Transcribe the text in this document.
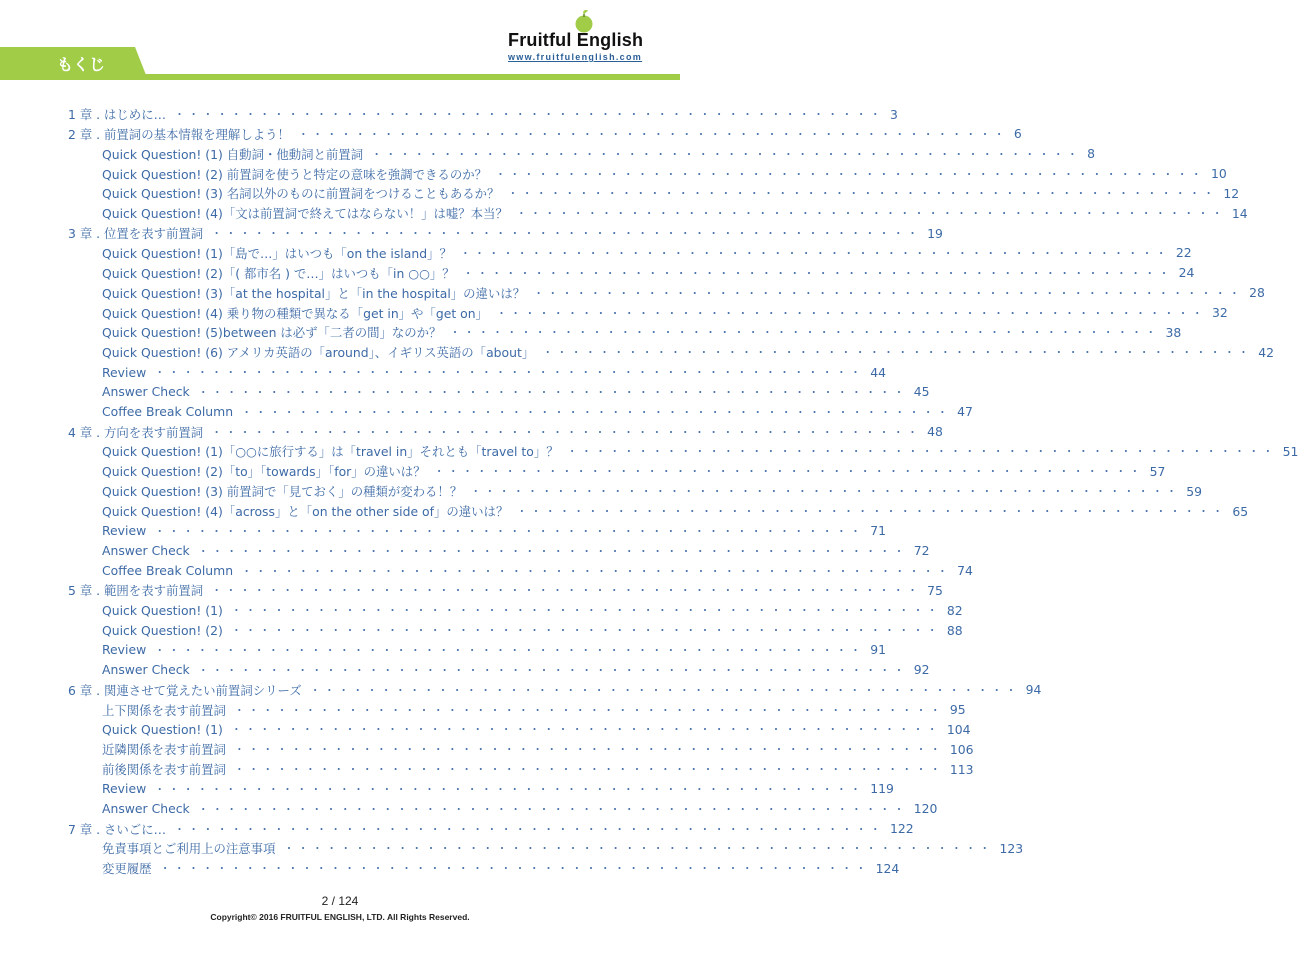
もくじ
Fruitful English
www.fruitfulenglish.com
1 章 . はじめに… ・・・・・・・・・・・・・・・・・・・・・・・・・・・・・・・・・・・・・・・・・・・・・・・・・・ 3
2 章 . 前置詞の基本情報を理解しよう！ ・・・・・・・・・・・・・・・・・・・・・・・・・・・・・・・・・・・・・・・・・・・・・・・・・・ 6
Quick Question! (1) 自動詞・他動詞と前置詞 ・・・・・・・・・・・・・・・・・・・・・・・・・・・・・・・・・・・・・・・・・・・・・・・・・・ 8
Quick Question! (2) 前置詞を使うと特定の意味を強調できるのか？ ・・・・・・・・・・・・・・・・・・・・・・・・・・・・・・・・・・・・・・・・・・・・・・・・・・ 10
Quick Question! (3) 名詞以外のものに前置詞をつけることもあるか？ ・・・・・・・・・・・・・・・・・・・・・・・・・・・・・・・・・・・・・・・・・・・・・・・・・・ 12
Quick Question! (4)「文は前置詞で終えてはならない！」は嘘？本当？ ・・・・・・・・・・・・・・・・・・・・・・・・・・・・・・・・・・・・・・・・・・・・・・・・・・ 14
3 章 . 位置を表す前置詞 ・・・・・・・・・・・・・・・・・・・・・・・・・・・・・・・・・・・・・・・・・・・・・・・・・・ 19
Quick Question! (1)「島で…」はいつも「on the island」？ ・・・・・・・・・・・・・・・・・・・・・・・・・・・・・・・・・・・・・・・・・・・・・・・・・・ 22
Quick Question! (2)「( 都市名 ) で…」はいつも「in ○○」？ ・・・・・・・・・・・・・・・・・・・・・・・・・・・・・・・・・・・・・・・・・・・・・・・・・・ 24
Quick Question! (3)「at the hospital」と「in the hospital」の違いは？ ・・・・・・・・・・・・・・・・・・・・・・・・・・・・・・・・・・・・・・・・・・・・・・・・・・ 28
Quick Question! (4) 乗り物の種類で異なる「get in」や「get on」 ・・・・・・・・・・・・・・・・・・・・・・・・・・・・・・・・・・・・・・・・・・・・・・・・・・ 32
Quick Question! (5)between は必ず「二者の間」なのか？ ・・・・・・・・・・・・・・・・・・・・・・・・・・・・・・・・・・・・・・・・・・・・・・・・・・ 38
Quick Question! (6) アメリカ英語の「around」、イギリス英語の「about」 ・・・・・・・・・・・・・・・・・・・・・・・・・・・・・・・・・・・・・・・・・・・・・・・・・・ 42
Review ・・・・・・・・・・・・・・・・・・・・・・・・・・・・・・・・・・・・・・・・・・・・・・・・・・ 44
Answer Check ・・・・・・・・・・・・・・・・・・・・・・・・・・・・・・・・・・・・・・・・・・・・・・・・・・ 45
Coffee Break Column ・・・・・・・・・・・・・・・・・・・・・・・・・・・・・・・・・・・・・・・・・・・・・・・・・・ 47
4 章 . 方向を表す前置詞 ・・・・・・・・・・・・・・・・・・・・・・・・・・・・・・・・・・・・・・・・・・・・・・・・・・ 48
Quick Question! (1)「○○に旅行する」は「travel in」それとも「travel to」？ ・・・・・・・・・・・・・・・・・・・・・・・・・・・・・・・・・・・・・・・・・・・・・・・・・・ 51
Quick Question! (2)「to」「towards」「for」の違いは？ ・・・・・・・・・・・・・・・・・・・・・・・・・・・・・・・・・・・・・・・・・・・・・・・・・・ 57
Quick Question! (3) 前置詞で「見ておく」の種類が変わる！？ ・・・・・・・・・・・・・・・・・・・・・・・・・・・・・・・・・・・・・・・・・・・・・・・・・・ 59
Quick Question! (4)「across」と「on the other side of」の違いは？ ・・・・・・・・・・・・・・・・・・・・・・・・・・・・・・・・・・・・・・・・・・・・・・・・・・ 65
Review ・・・・・・・・・・・・・・・・・・・・・・・・・・・・・・・・・・・・・・・・・・・・・・・・・・ 71
Answer Check ・・・・・・・・・・・・・・・・・・・・・・・・・・・・・・・・・・・・・・・・・・・・・・・・・・ 72
Coffee Break Column ・・・・・・・・・・・・・・・・・・・・・・・・・・・・・・・・・・・・・・・・・・・・・・・・・・ 74
5 章 . 範囲を表す前置詞 ・・・・・・・・・・・・・・・・・・・・・・・・・・・・・・・・・・・・・・・・・・・・・・・・・・ 75
Quick Question! (1) ・・・・・・・・・・・・・・・・・・・・・・・・・・・・・・・・・・・・・・・・・・・・・・・・・・ 82
Quick Question! (2) ・・・・・・・・・・・・・・・・・・・・・・・・・・・・・・・・・・・・・・・・・・・・・・・・・・ 88
Review ・・・・・・・・・・・・・・・・・・・・・・・・・・・・・・・・・・・・・・・・・・・・・・・・・・ 91
Answer Check ・・・・・・・・・・・・・・・・・・・・・・・・・・・・・・・・・・・・・・・・・・・・・・・・・・ 92
6 章 . 関連させて覚えたい前置詞シリーズ ・・・・・・・・・・・・・・・・・・・・・・・・・・・・・・・・・・・・・・・・・・・・・・・・・・ 94
上下関係を表す前置詞 ・・・・・・・・・・・・・・・・・・・・・・・・・・・・・・・・・・・・・・・・・・・・・・・・・・ 95
Quick Question! (1) ・・・・・・・・・・・・・・・・・・・・・・・・・・・・・・・・・・・・・・・・・・・・・・・・・・ 104
近隣関係を表す前置詞 ・・・・・・・・・・・・・・・・・・・・・・・・・・・・・・・・・・・・・・・・・・・・・・・・・・ 106
前後関係を表す前置詞 ・・・・・・・・・・・・・・・・・・・・・・・・・・・・・・・・・・・・・・・・・・・・・・・・・・ 113
Review ・・・・・・・・・・・・・・・・・・・・・・・・・・・・・・・・・・・・・・・・・・・・・・・・・・ 119
Answer Check ・・・・・・・・・・・・・・・・・・・・・・・・・・・・・・・・・・・・・・・・・・・・・・・・・・ 120
7 章 . さいごに… ・・・・・・・・・・・・・・・・・・・・・・・・・・・・・・・・・・・・・・・・・・・・・・・・・・ 122
免責事項とご利用上の注意事項 ・・・・・・・・・・・・・・・・・・・・・・・・・・・・・・・・・・・・・・・・・・・・・・・・・・ 123
変更履歴 ・・・・・・・・・・・・・・・・・・・・・・・・・・・・・・・・・・・・・・・・・・・・・・・・・・ 124
2 / 124
Copyright© 2016 FRUITFUL ENGLISH, LTD. All Rights Reserved.
